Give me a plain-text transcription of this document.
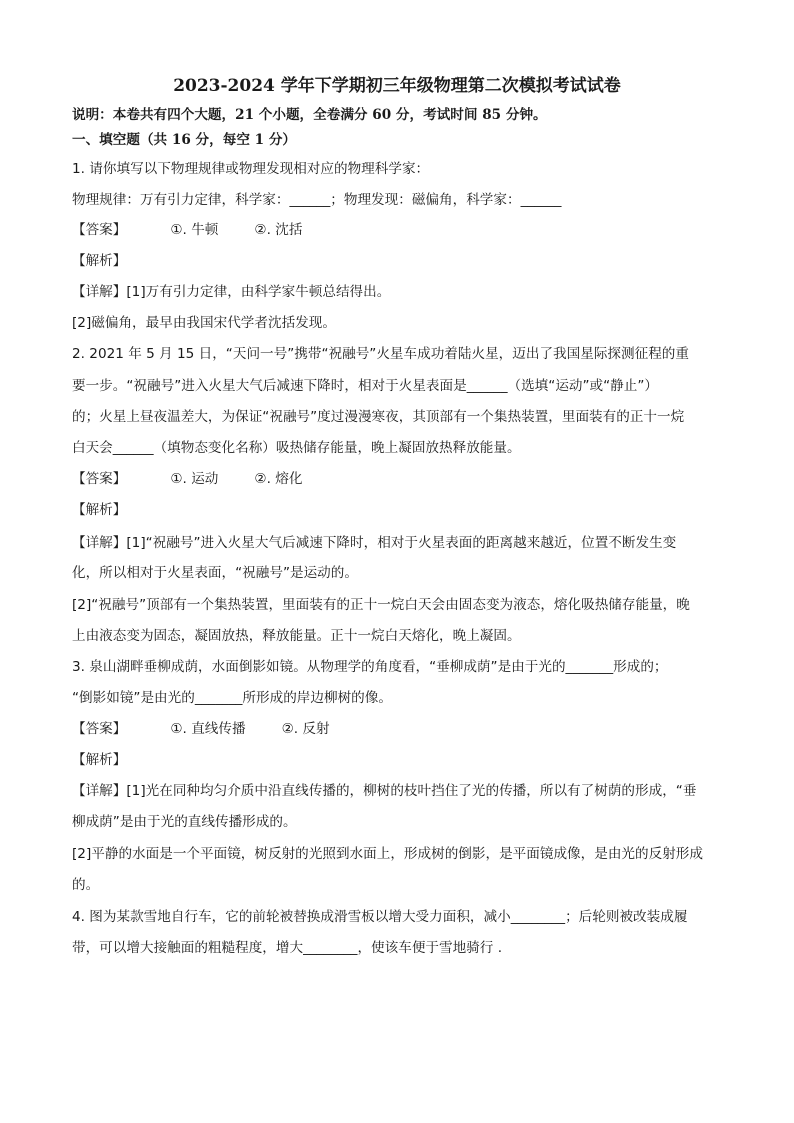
2023-2024 学年下学期初三年级物理第二次模拟考试试卷
说明：本卷共有四个大题，21 个小题，全卷满分 60 分，考试时间 85 分钟。
一、填空题（共 16 分，每空 1 分）
1. 请你填写以下物理规律或物理发现相对应的物理科学家：
物理规律：万有引力定律，科学家：______；物理发现：磁偏角，科学家：______
【答案】	①. 牛顿	②. 沈括
【解析】
【详解】[1]万有引力定律，由科学家牛顿总结得出。
[2]磁偏角，最早由我国宋代学者沈括发现。
2. 2021 年 5 月 15 日，“天问一号”携带“祝融号”火星车成功着陆火星，迈出了我国星际探测征程的重
要一步。“祝融号”进入火星大气后减速下降时，相对于火星表面是______（选填“运动”或“静止”）
的；火星上昼夜温差大，为保证“祝融号”度过漫漫寒夜，其顶部有一个集热装置，里面装有的正十一烷
白天会______（填物态变化名称）吸热储存能量，晚上凝固放热释放能量。
【答案】	①. 运动	②. 熔化
【解析】
【详解】[1]“祝融号”进入火星大气后减速下降时，相对于火星表面的距离越来越近，位置不断发生变
化，所以相对于火星表面，“祝融号”是运动的。
[2]“祝融号”顶部有一个集热装置，里面装有的正十一烷白天会由固态变为液态，熔化吸热储存能量，晚
上由液态变为固态，凝固放热，释放能量。正十一烷白天熔化，晚上凝固。
3. 泉山湖畔垂柳成荫，水面倒影如镜。从物理学的角度看，“垂柳成荫”是由于光的_______形成的；
“倒影如镜”是由光的_______所形成的岸边柳树的像。
【答案】	①. 直线传播	②. 反射
【解析】
【详解】[1]光在同种均匀介质中沿直线传播的，柳树的枝叶挡住了光的传播，所以有了树荫的形成，“垂
柳成荫”是由于光的直线传播形成的。
[2]平静的水面是一个平面镜，树反射的光照到水面上，形成树的倒影，是平面镜成像，是由光的反射形成
的。
4. 图为某款雪地自行车，它的前轮被替换成滑雪板以增大受力面积，减小________；后轮则被改装成履
带，可以增大接触面的粗糙程度，增大________，使该车便于雪地骑行 .
